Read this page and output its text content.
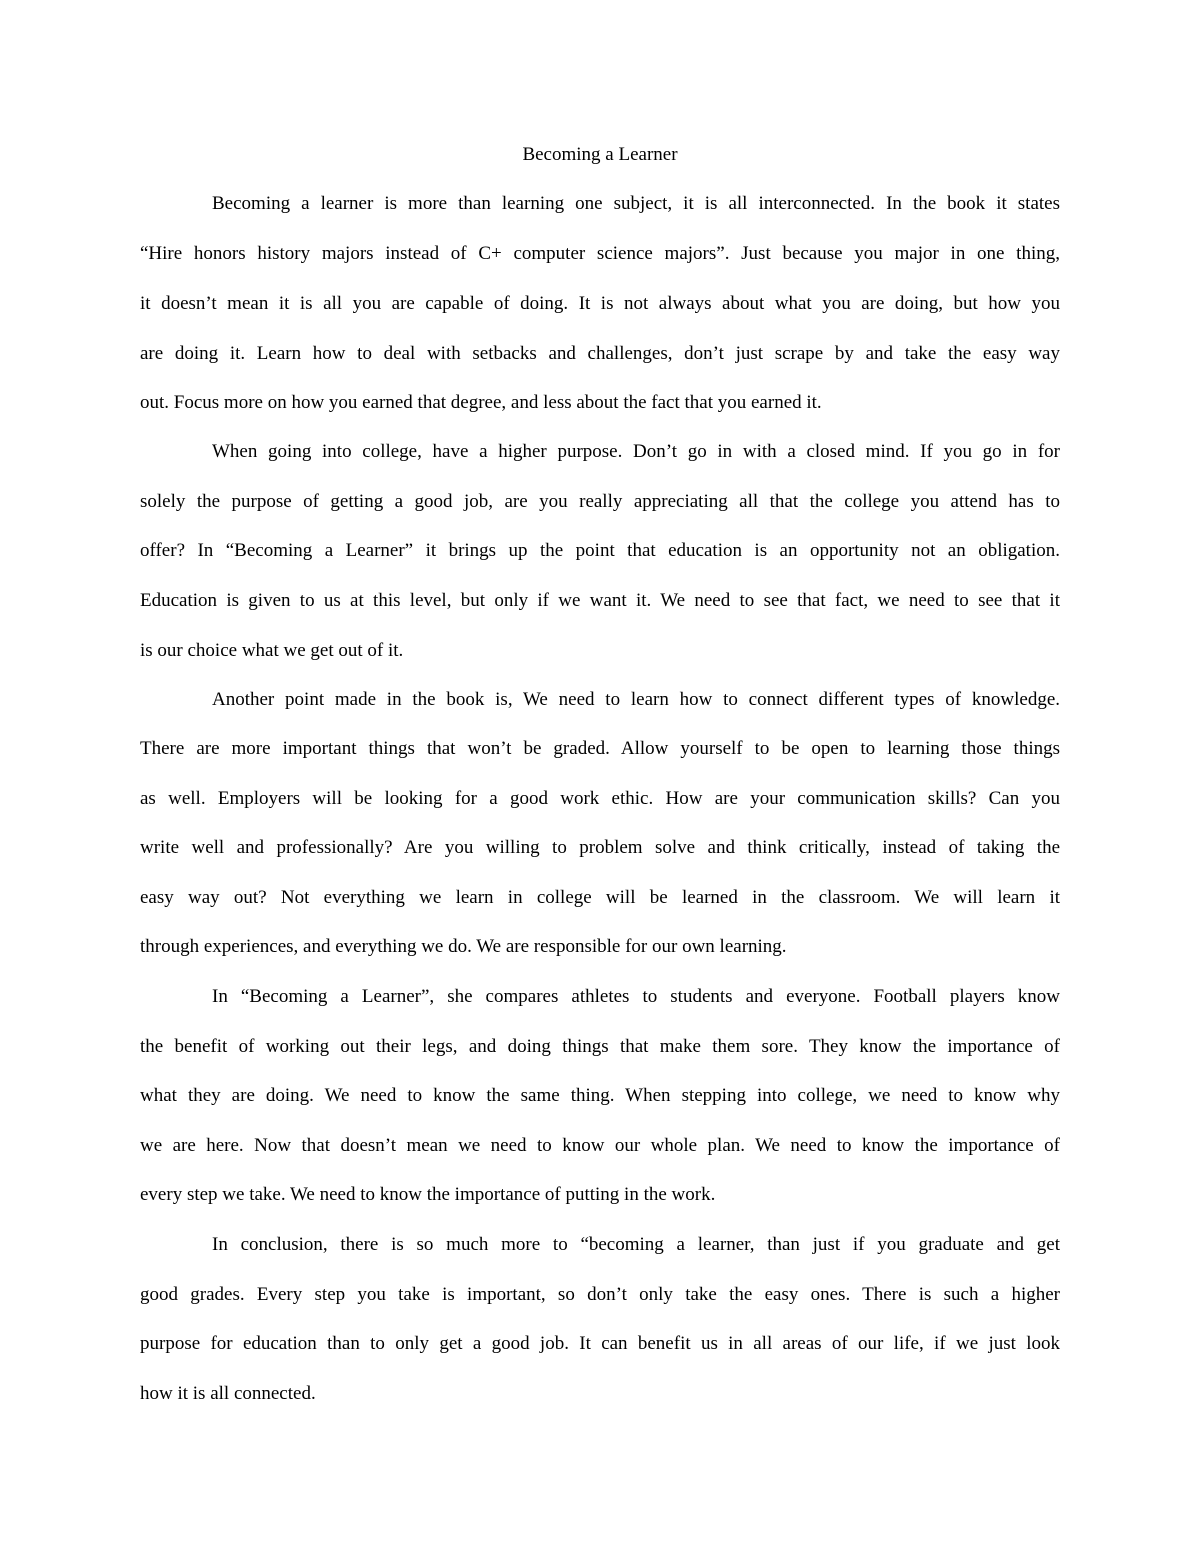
Becoming a Learner
Becoming a learner is more than learning one subject, it is all interconnected. In the book it states
“Hire honors history majors instead of C+ computer science majors”. Just because you major in one thing,
it doesn’t mean it is all you are capable of doing. It is not always about what you are doing, but how you
are doing it. Learn how to deal with setbacks and challenges, don’t just scrape by and take the easy way
out. Focus more on how you earned that degree, and less about the fact that you earned it.
When going into college, have a higher purpose. Don’t go in with a closed mind. If you go in for
solely the purpose of getting a good job, are you really appreciating all that the college you attend has to
offer? In “Becoming a Learner” it brings up the point that education is an opportunity not an obligation.
Education is given to us at this level, but only if we want it. We need to see that fact, we need to see that it
is our choice what we get out of it.
Another point made in the book is, We need to learn how to connect different types of knowledge.
There are more important things that won’t be graded. Allow yourself to be open to learning those things
as well. Employers will be looking for a good work ethic. How are your communication skills? Can you
write well and professionally? Are you willing to problem solve and think critically, instead of taking the
easy way out? Not everything we learn in college will be learned in the classroom. We will learn it
through experiences, and everything we do. We are responsible for our own learning.
In “Becoming a Learner”, she compares athletes to students and everyone. Football players know
the benefit of working out their legs, and doing things that make them sore. They know the importance of
what they are doing. We need to know the same thing. When stepping into college, we need to know why
we are here. Now that doesn’t mean we need to know our whole plan. We need to know the importance of
every step we take. We need to know the importance of putting in the work.
In conclusion, there is so much more to “becoming a learner, than just if you graduate and get
good grades. Every step you take is important, so don’t only take the easy ones. There is such a higher
purpose for education than to only get a good job. It can benefit us in all areas of our life, if we just look
how it is all connected.
